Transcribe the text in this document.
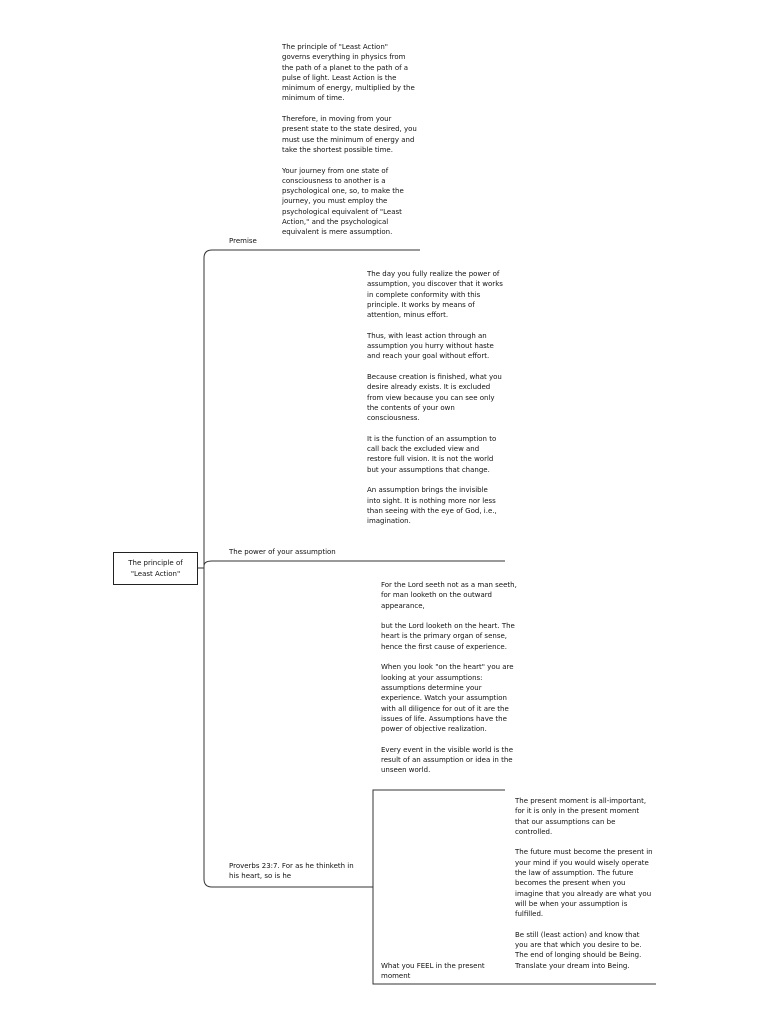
The principle of "Least Action"
Premise

The principle of "Least Action" governs everything in physics from the path of a planet to the path of a pulse of light. Least Action is the minimum of energy, multiplied by the minimum of time.

Therefore, in moving from your present state to the state desired, you must use the minimum of energy and take the shortest possible time.

Your journey from one state of consciousness to another is a psychological one, so, to make the journey, you must employ the psychological equivalent of "Least Action," and the psychological equivalent is mere assumption.

The power of your assumption

The day you fully realize the power of assumption, you discover that it works in complete conformity with this principle. It works by means of attention, minus effort.

Thus, with least action through an assumption you hurry without haste and reach your goal without effort.

Because creation is finished, what you desire already exists. It is excluded from view because you can see only the contents of your own consciousness.

It is the function of an assumption to call back the excluded view and restore full vision. It is not the world but your assumptions that change.

An assumption brings the invisible into sight. It is nothing more nor less than seeing with the eye of God, i.e., imagination.

Proverbs 23:7. For as he thinketh in his heart, so is he

For the Lord seeth not as a man seeth, for man looketh on the outward appearance,

but the Lord looketh on the heart. The heart is the primary organ of sense, hence the first cause of experience.

When you look "on the heart" you are looking at your assumptions: assumptions determine your experience. Watch your assumption with all diligence for out of it are the issues of life. Assumptions have the power of objective realization.

Every event in the visible world is the result of an assumption or idea in the unseen world.

What you FEEL in the present moment

The present moment is all-important, for it is only in the present moment that our assumptions can be controlled.

The future must become the present in your mind if you would wisely operate the law of assumption. The future becomes the present when you imagine that you already are what you will be when your assumption is fulfilled.

Be still (least action) and know that you are that which you desire to be. The end of longing should be Being. Translate your dream into Being.
